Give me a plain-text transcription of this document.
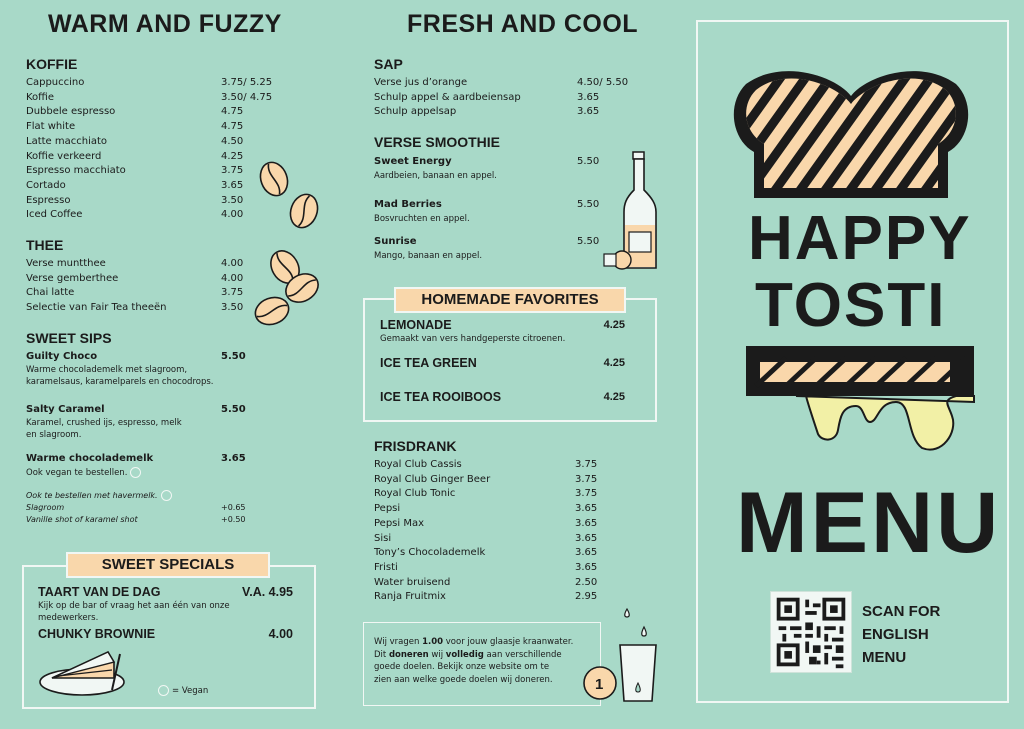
WARM AND FUZZY
KOFFIE
Cappuccino	3.75/ 5.25
Koffie	3.50/ 4.75
Dubbele espresso	4.75
Flat white	4.75
Latte macchiato	4.50
Koffie verkeerd	4.25
Espresso macchiato	3.75
Cortado	3.65
Espresso	3.50
Iced Coffee	4.00
THEE
Verse muntthee	4.00
Verse gemberthee	4.00
Chai latte	3.75
Selectie van Fair Tea theeën	3.50
SWEET SIPS
Guilty Choco	5.50
Warme chocolademelk met slagroom,
karamelsaus, karamelparels en chocodrops.
Salty Caramel	5.50
Karamel, crushed ijs, espresso, melk
en slagroom.
Warme chocolademelk	3.65
Ook vegan te bestellen.
Ook te bestellen met havermelk.
Slagroom	+0.65
Vanille shot of karamel shot	+0.50
SWEET SPECIALS
TAART VAN DE DAG	V.A. 4.95
Kijk op de bar of vraag het aan één van onze
medewerkers.
CHUNKY BROWNIE	4.00
= Vegan
FRESH AND COOL
SAP
Verse jus d’orange	4.50/ 5.50
Schulp appel & aardbeiensap	3.65
Schulp appelsap	3.65
VERSE SMOOTHIE
Sweet Energy	5.50
Aardbeien, banaan en appel.
Mad Berries	5.50
Bosvruchten en appel.
Sunrise	5.50
Mango, banaan en appel.
HOMEMADE FAVORITES
LEMONADE	4.25
Gemaakt van vers handgeperste citroenen.
ICE TEA GREEN	4.25
ICE TEA ROOIBOOS	4.25
FRISDRANK
Royal Club Cassis	3.75
Royal Club Ginger Beer	3.75
Royal Club Tonic	3.75
Pepsi	3.65
Pepsi Max	3.65
Sisi	3.65
Tony’s Chocolademelk	3.65
Fristi	3.65
Water bruisend	2.50
Ranja Fruitmix	2.95
Wij vragen 1.00 voor jouw glaasje kraanwater.
Dit doneren wij volledig aan verschillende
goede doelen. Bekijk onze website om te
zien aan welke goede doelen wij doneren.	1
HAPPY
TOSTI
MENU
SCAN FOR
ENGLISH
MENU
